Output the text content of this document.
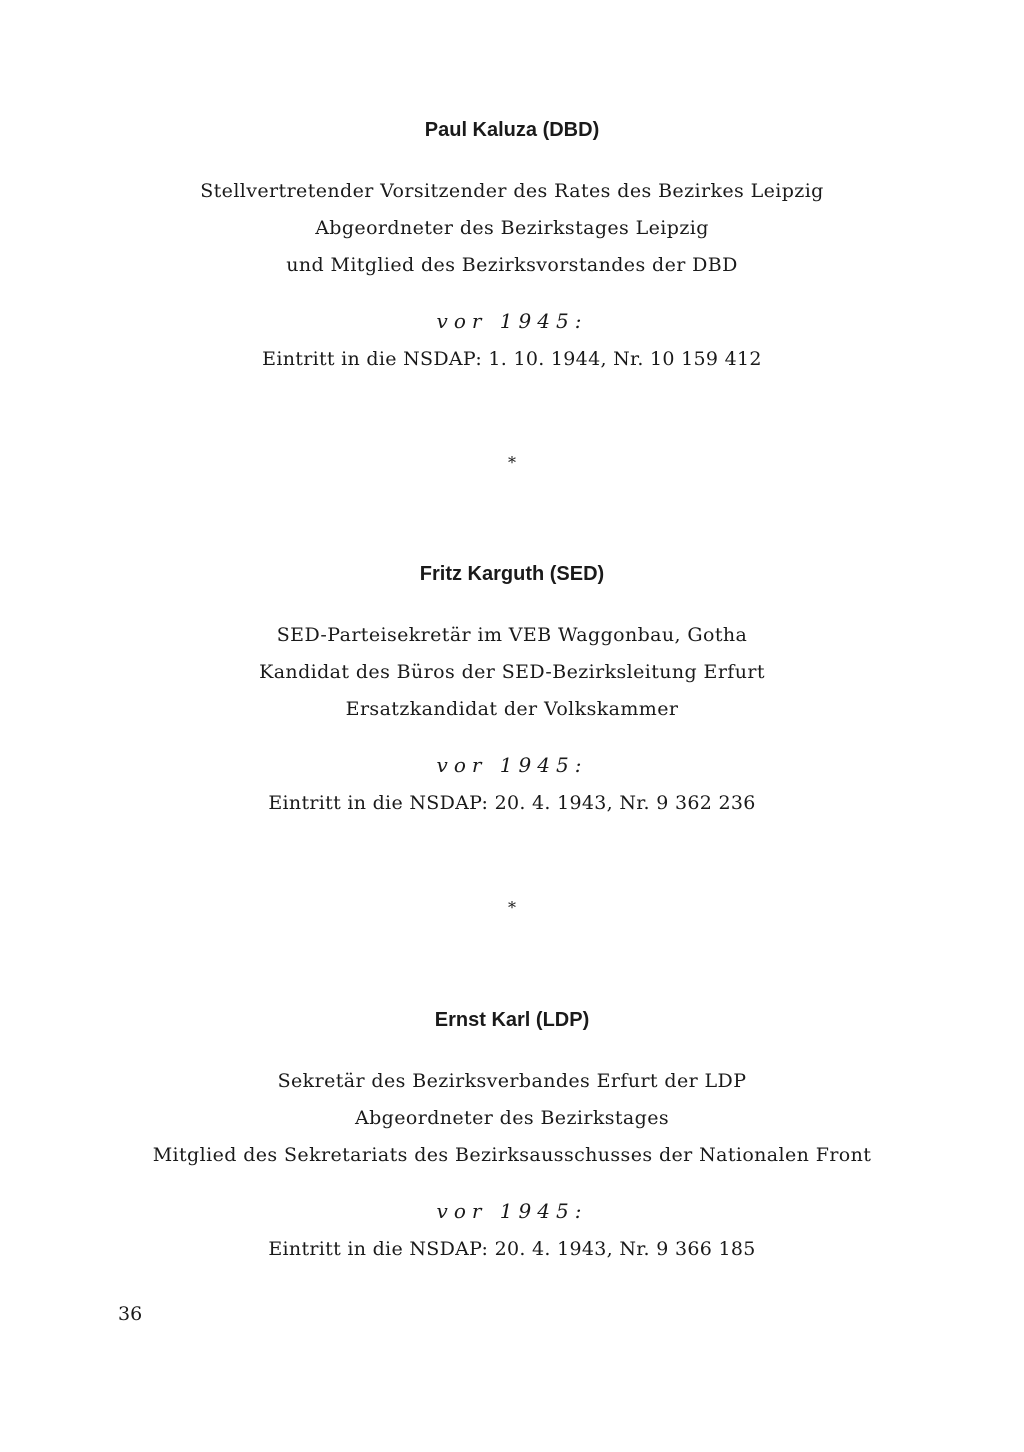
Paul Kaluza (DBD)
Stellvertretender Vorsitzender des Rates des Bezirkes Leipzig
Abgeordneter des Bezirkstages Leipzig
und Mitglied des Bezirksvorstandes der DBD
vor 1945:
Eintritt in die NSDAP: 1. 10. 1944, Nr. 10 159 412
*
Fritz Karguth (SED)
SED-Parteisekretär im VEB Waggonbau, Gotha
Kandidat des Büros der SED-Bezirksleitung Erfurt
Ersatzkandidat der Volkskammer
vor 1945:
Eintritt in die NSDAP: 20. 4. 1943, Nr. 9 362 236
*
Ernst Karl (LDP)
Sekretär des Bezirksverbandes Erfurt der LDP
Abgeordneter des Bezirkstages
Mitglied des Sekretariats des Bezirksausschusses der Nationalen Front
vor 1945:
Eintritt in die NSDAP: 20. 4. 1943, Nr. 9 366 185
36
